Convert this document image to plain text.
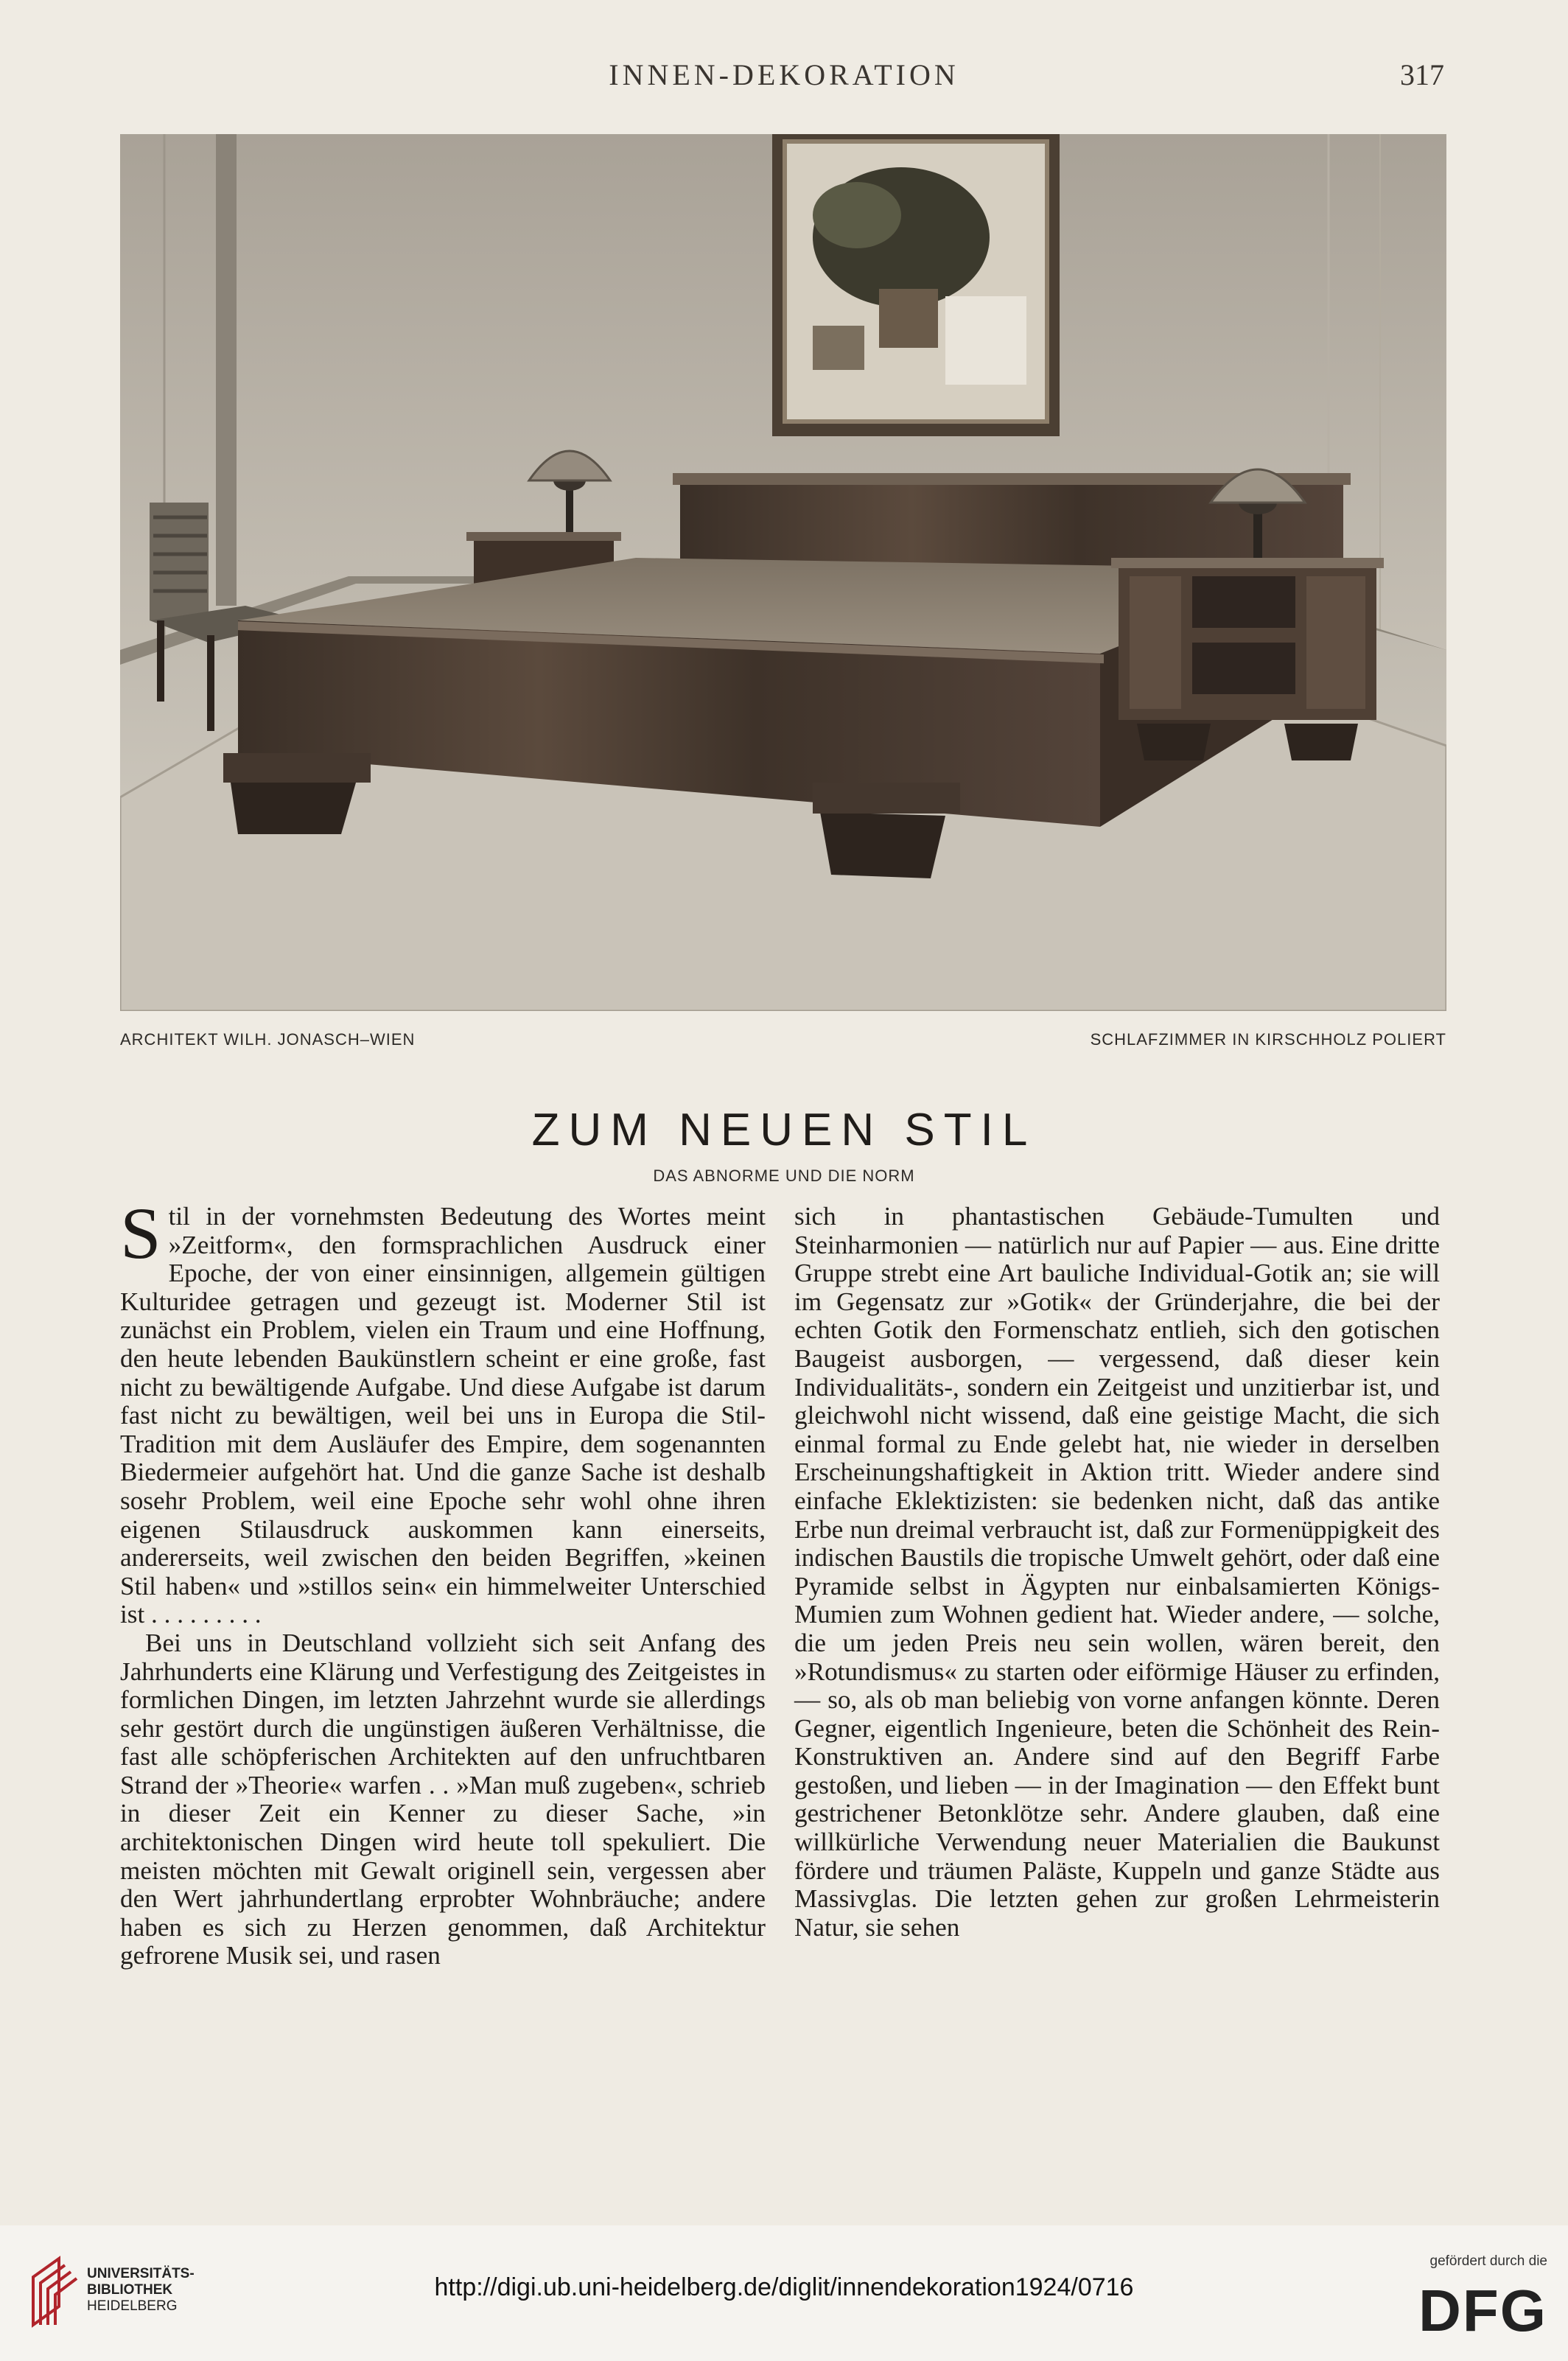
INNEN-DEKORATION	317
ARCHITEKT WILH. JONASCH–WIEN	SCHLAFZIMMER IN KIRSCHHOLZ POLIERT
ZUM NEUEN STIL
DAS ABNORME UND DIE NORM

Stil in der vornehmsten Bedeutung des Wortes meint »Zeitform«, den formsprachlichen Ausdruck einer Epoche, der von einer einsinnigen, allgemein gültigen Kulturidee getragen und gezeugt ist. Moderner Stil ist zunächst ein Problem, vielen ein Traum und eine Hoffnung, den heute lebenden Baukünstlern scheint er eine große, fast nicht zu bewältigende Aufgabe. Und diese Aufgabe ist darum fast nicht zu bewältigen, weil bei uns in Europa die Stil-Tradition mit dem Ausläufer des Empire, dem sogenannten Biedermeier aufgehört hat. Und die ganze Sache ist deshalb sosehr Problem, weil eine Epoche sehr wohl ohne ihren eigenen Stilausdruck auskommen kann einerseits, andererseits, weil zwischen den beiden Begriffen, »keinen Stil haben« und »stillos sein« ein himmelweiter Unterschied ist . . . . . . . . .

Bei uns in Deutschland vollzieht sich seit Anfang des Jahrhunderts eine Klärung und Verfestigung des Zeitgeistes in formlichen Dingen, im letzten Jahrzehnt wurde sie allerdings sehr gestört durch die ungünstigen äußeren Verhältnisse, die fast alle schöpferischen Architekten auf den unfruchtbaren Strand der »Theorie« warfen . . »Man muß zugeben«, schrieb in dieser Zeit ein Kenner zu dieser Sache, »in architektonischen Dingen wird heute toll spekuliert. Die meisten möchten mit Gewalt originell sein, vergessen aber den Wert jahrhundertlang erprobter Wohnbräuche; andere haben es sich zu Herzen genommen, daß Architektur gefrorene Musik sei, und rasen

sich in phantastischen Gebäude-Tumulten und Steinharmonien — natürlich nur auf Papier — aus. Eine dritte Gruppe strebt eine Art bauliche Individual-Gotik an; sie will im Gegensatz zur »Gotik« der Gründerjahre, die bei der echten Gotik den Formenschatz entlieh, sich den gotischen Baugeist ausborgen, — vergessend, daß dieser kein Individualitäts-, sondern ein Zeitgeist und unzitierbar ist, und gleichwohl nicht wissend, daß eine geistige Macht, die sich einmal formal zu Ende gelebt hat, nie wieder in derselben Erscheinungshaftigkeit in Aktion tritt. Wieder andere sind einfache Eklektizisten: sie bedenken nicht, daß das antike Erbe nun dreimal verbraucht ist, daß zur Formenüppigkeit des indischen Baustils die tropische Umwelt gehört, oder daß eine Pyramide selbst in Ägypten nur einbalsamierten Königs-Mumien zum Wohnen gedient hat. Wieder andere, — solche, die um jeden Preis neu sein wollen, wären bereit, den »Rotundismus« zu starten oder eiförmige Häuser zu erfinden, — so, als ob man beliebig von vorne anfangen könnte. Deren Gegner, eigentlich Ingenieure, beten die Schönheit des Rein-Konstruktiven an. Andere sind auf den Begriff Farbe gestoßen, und lieben — in der Imagination — den Effekt bunt gestrichener Betonklötze sehr. Andere glauben, daß eine willkürliche Verwendung neuer Materialien die Baukunst fördere und träumen Paläste, Kuppeln und ganze Städte aus Massivglas. Die letzten gehen zur großen Lehrmeisterin Natur, sie sehen

UNIVERSITÄTS-
BIBLIOTHEK
HEIDELBERG
http://digi.ub.uni-heidelberg.de/diglit/innendekoration1924/0716
gefördert durch die
DFG
